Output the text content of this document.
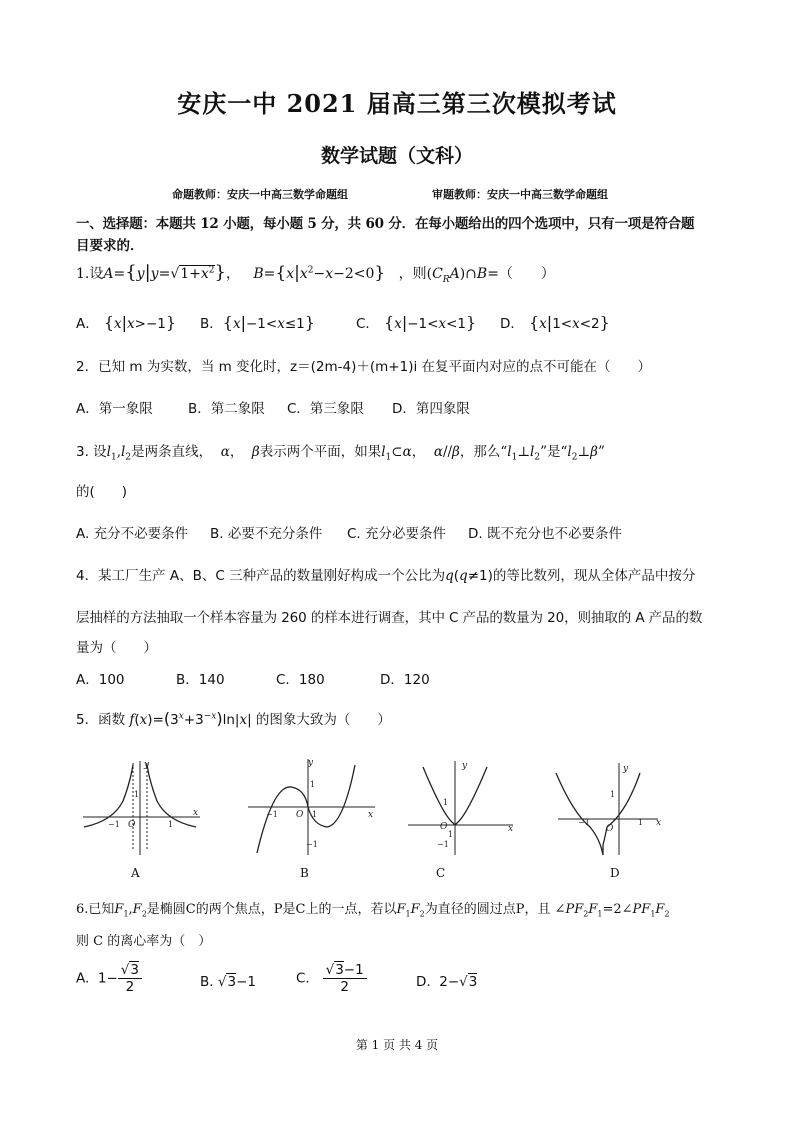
安庆一中 2021 届高三第三次模拟考试
数学试题（文科）
命题教师：安庆一中高三数学命题组	审题教师：安庆一中高三数学命题组
一、选择题：本题共 12 小题，每小题 5 分，共 60 分．在每小题给出的四个选项中，只有一项是符合题
目要求的．
1.设$A=\{y|y=√1+x^2\}$，   $B=\{x|x^2-x-2<0\}$ ，则$(C_RA)\cap B=$（　　）
A． {x|x>−1} B．{x|−1<x≤1}	C． {x|−1<x<1} D． {x|1<x<2}
2．已知 m 为实数，当 m 变化时，z＝(2m-4)＋(m+1)i 在复平面内对应的点不可能在（　　）
A．第一象限	B．第二象限 C．第三象限 D．第四象限
3. 设$l_1,l_2$是两条直线， α，  β表示两个平面，如果$l_1\subset\alpha$，  α//β，那么“$l_1\perp l_2$”是“$l_2\perp\beta$”
的(　　)
A. 充分不必要条件 B. 必要不充分条件 C. 充分必要条件 D. 既不充分也不必要条件
4．某工厂生产 A、B、C 三种产品的数量刚好构成一个公比为q(q≠1)的等比数列，现从全体产品中按分
层抽样的方法抽取一个样本容量为 260 的样本进行调查，其中 C 产品的数量为 20，则抽取的 A 产品的数
量为（　　）
A．100	B．140	C．180	D．120
5．函数 $f(x)=(3^x+3^{-x})\ln|x|$ 的图象大致为（　　）
y
x
O
y
x
O
y
x
O
y
x
O
−1	1
1
−1	1
1
−1
1
1
−1
−1	1
1
A	B	C	D
6.已知$F_1,F_2$是椭圆C的两个焦点，P是C上的一点，若以$F_1F_2$为直径的圆过点P，且 $\angle PF_2F_1=2\angle PF_1F_2$
则 C 的离心率为（　）
A.  $1- \frac{√3}{2}$	B. √3−1	C. $\frac{√3-1}{2}$	D.  2−√3
第 1 页 共 4 页
